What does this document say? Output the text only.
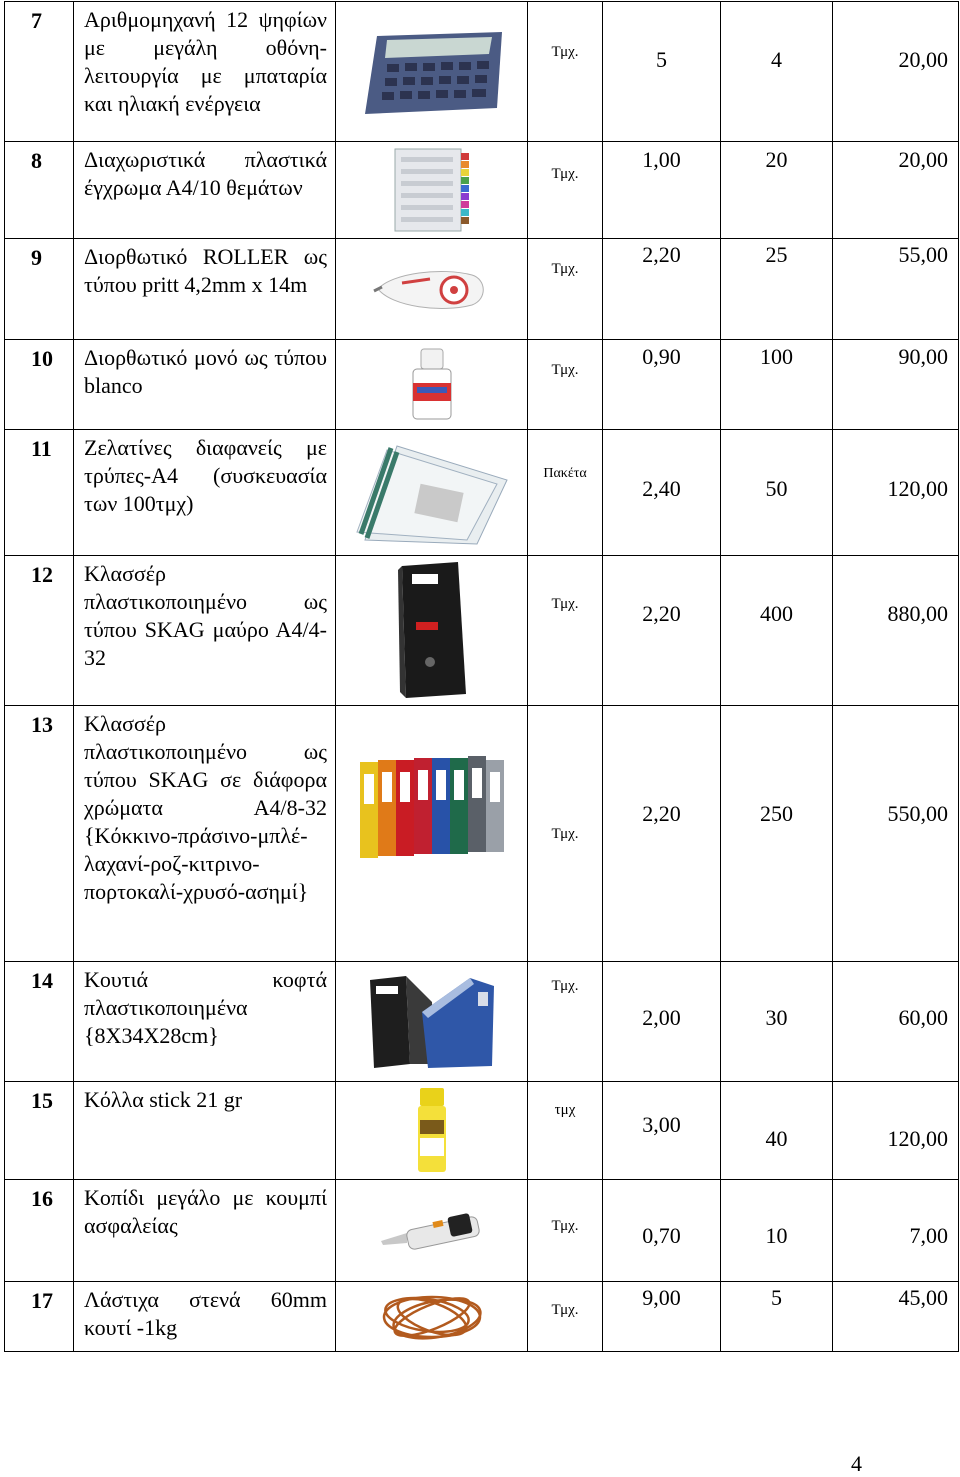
7	Αριθμομηχανή 12 ψηφίων με μεγάλη οθόνη-λειτουργία με μπαταρία και ηλιακή ενέργεια		Τμχ.	5	4	20,00

8	Διαχωριστικά πλαστικά έγχρωμα Α4/10 θεμάτων		Τμχ.	1,00	20	20,00

9	Διορθωτικό ROLLER ως τύπου pritt 4,2mm x 14m		Τμχ.	2,20	25	55,00

10	Διορθωτικό μονό ως τύπου blanco		Τμχ.	0,90	100	90,00

11	Ζελατίνες διαφανείς με τρύπες-Α4 (συσκευασία των 100τμχ)		Πακέτα	2,40	50	120,00

12	Κλασσέρ πλαστικοποιημένο ως τύπου SKAG μαύρο Α4/4-32		Τμχ.	2,20	400	880,00

13	Κλασσέρ πλαστικοποιημένο ως τύπου SKAG σε διάφορα χρώματα Α4/8-32 {Κόκκινο-πράσινο-μπλέ-λαχανί-ροζ-κιτρινο-πορτοκαλί-χρυσό-ασημί}		Τμχ.	2,20	250	550,00

14	Κουτιά κοφτά πλαστικοποιημένα {8X34X28cm}		Τμχ.	2,00	30	60,00

15	Κόλλα stick 21 gr		τμχ	3,00	40	120,00

16	Κοπίδι μεγάλο με κουμπί ασφαλείας		Τμχ.	0,70	10	7,00

17	Λάστιχα στενά 60mm κουτί -1kg		Τμχ.	9,00	5	45,00
4
